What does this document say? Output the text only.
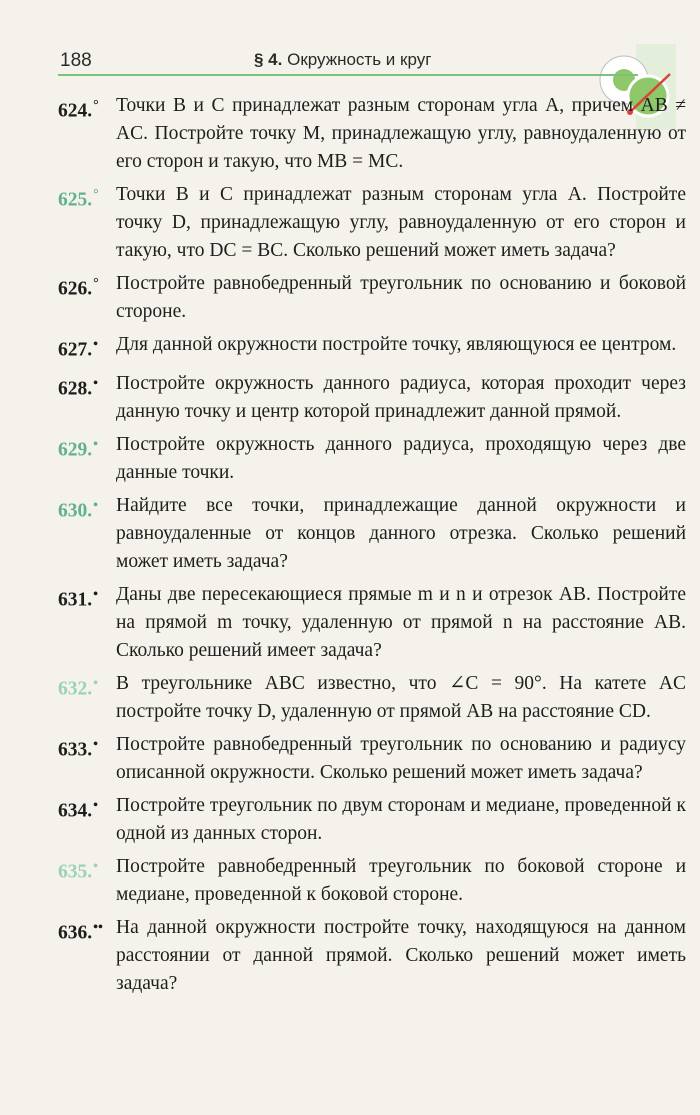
188	§ 4. Окружность и круг
624.° Точки B и C принадлежат разным сторонам угла A, причем AB ≠ AC. Постройте точку M, принадлежащую углу, равноудаленную от его сторон и такую, что MB = MC.
625.° Точки B и C принадлежат разным сторонам угла A. Постройте точку D, принадлежащую углу, равноудаленную от его сторон и такую, что DC = BC. Сколько решений может иметь задача?
626.° Постройте равнобедренный треугольник по основанию и боковой стороне.
627.• Для данной окружности постройте точку, являющуюся ее центром.
628.• Постройте окружность данного радиуса, которая проходит через данную точку и центр которой принадлежит данной прямой.
629.• Постройте окружность данного радиуса, проходящую через две данные точки.
630.• Найдите все точки, принадлежащие данной окружности и равноудаленные от концов данного отрезка. Сколько решений может иметь задача?
631.• Даны две пересекающиеся прямые m и n и отрезок AB. Постройте на прямой m точку, удаленную от прямой n на расстояние AB. Сколько решений имеет задача?
632.• В треугольнике ABC известно, что ∠C = 90°. На катете AC постройте точку D, удаленную от прямой AB на расстояние CD.
633.• Постройте равнобедренный треугольник по основанию и радиусу описанной окружности. Сколько решений может иметь задача?
634.• Постройте треугольник по двум сторонам и медиане, проведенной к одной из данных сторон.
635.• Постройте равнобедренный треугольник по боковой стороне и медиане, проведенной к боковой стороне.
636.•• На данной окружности постройте точку, находящуюся на данном расстоянии от данной прямой. Сколько решений может иметь задача?
